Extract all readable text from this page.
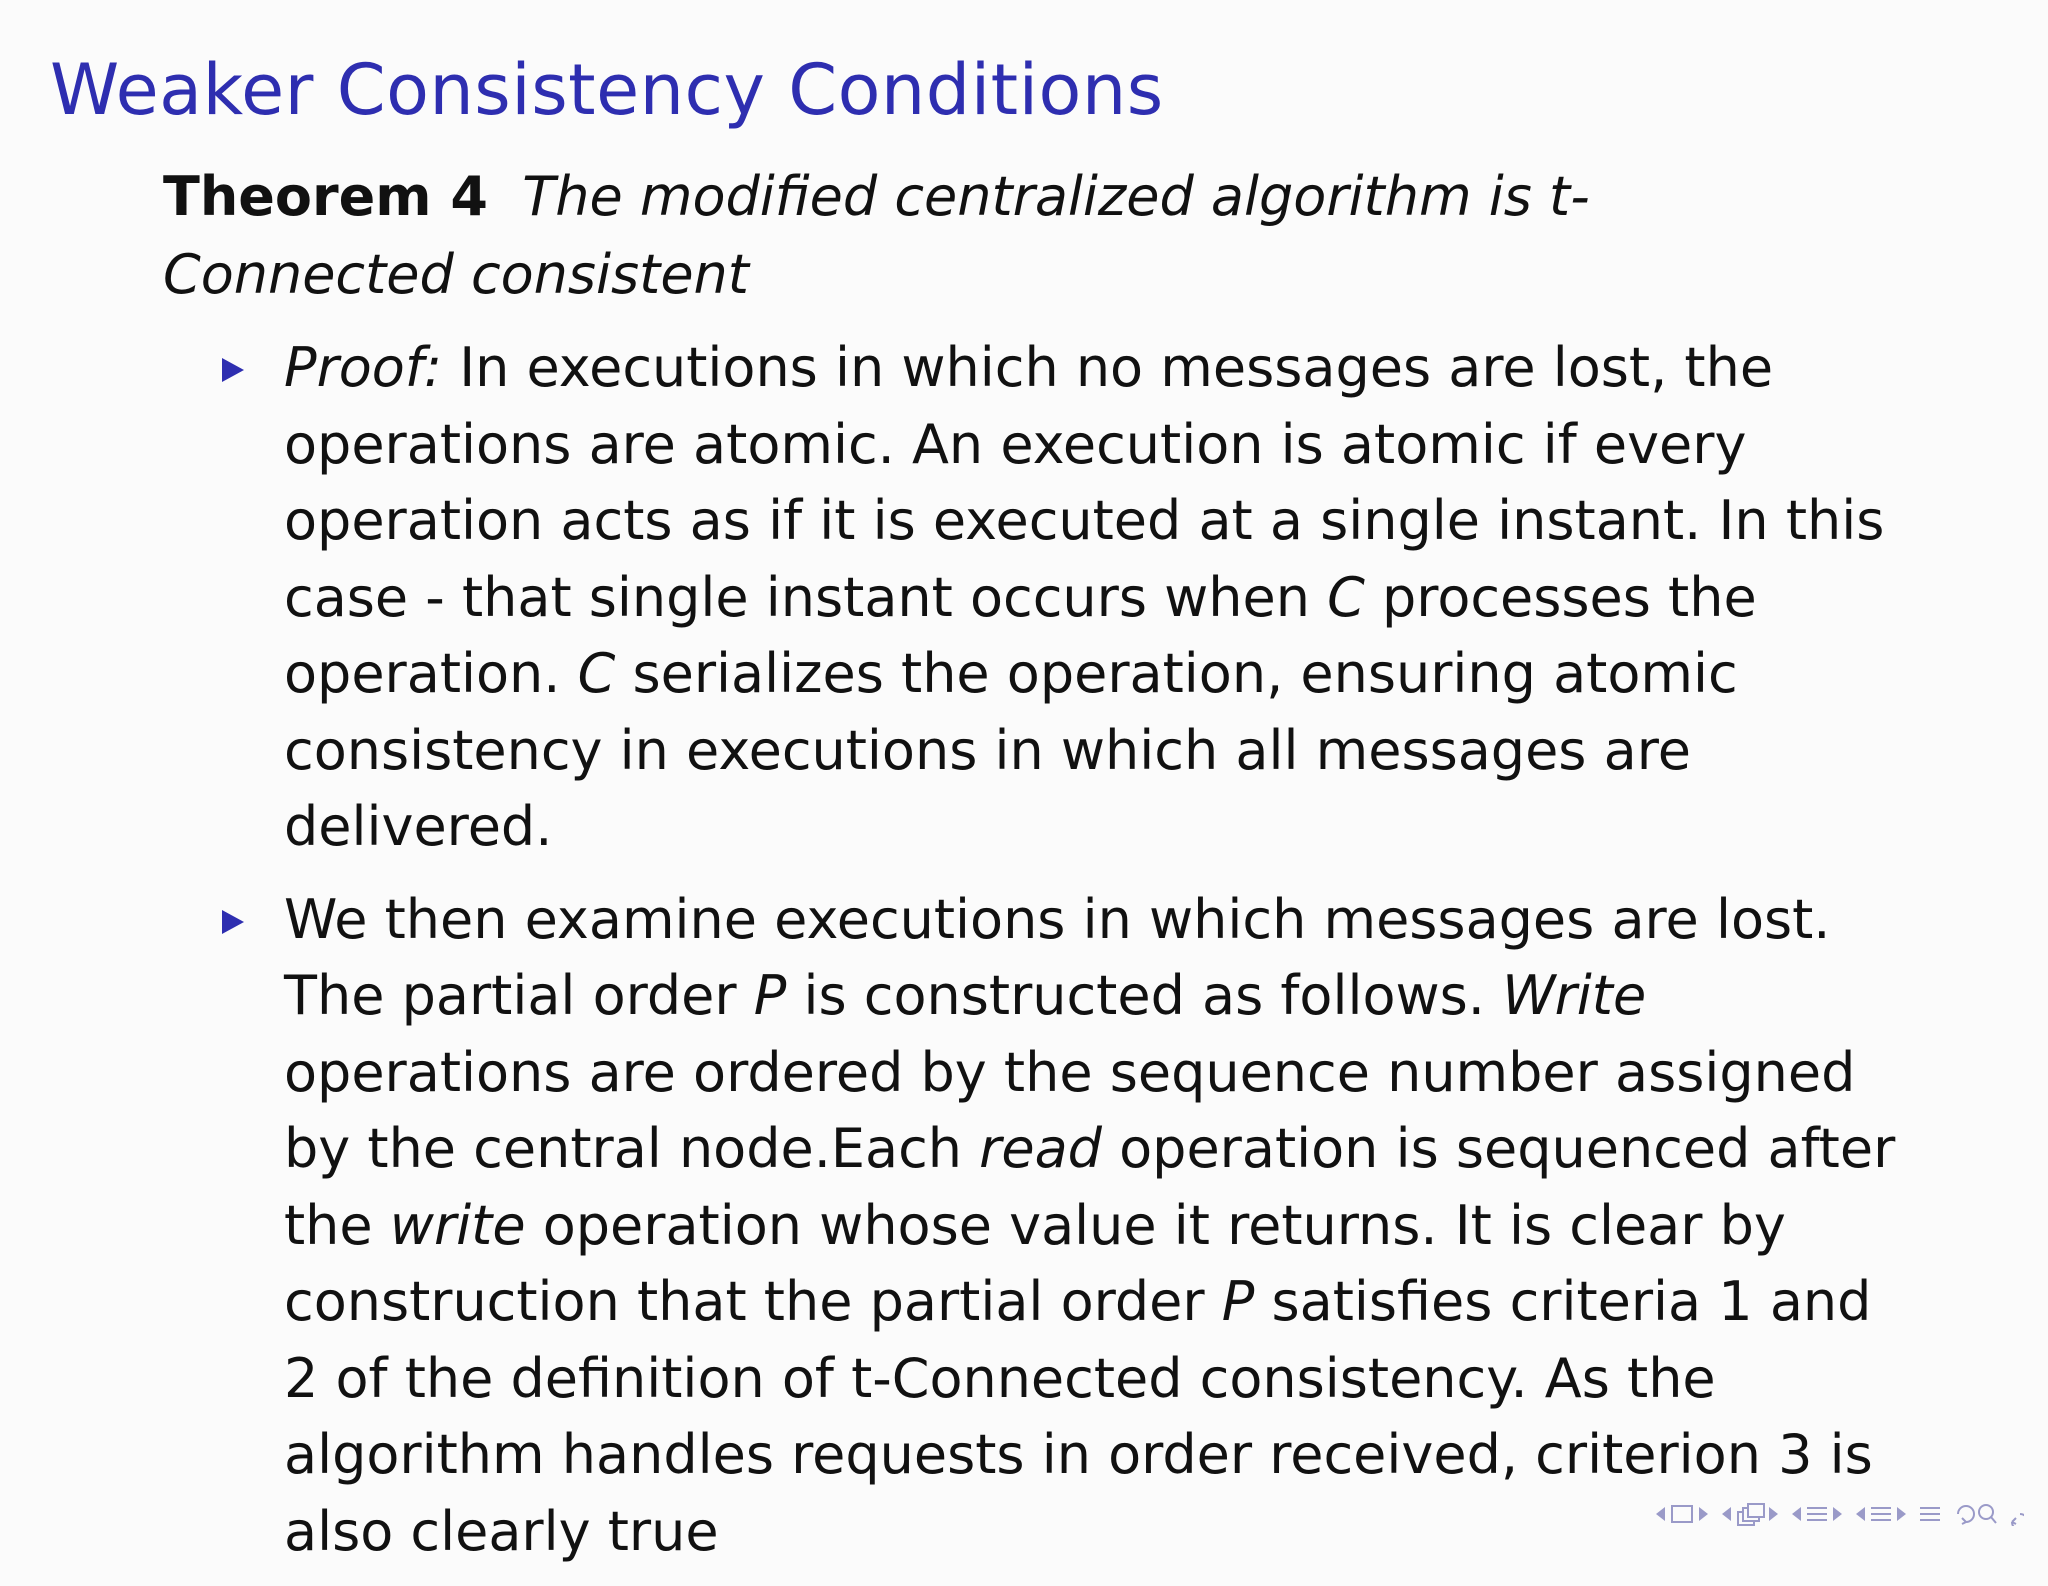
Weaker Consistency Conditions
Theorem 4 The modified centralized algorithm is t-Connected consistent
Proof: In executions in which no messages are lost, the operations are atomic. An execution is atomic if every operation acts as if it is executed at a single instant. In this case - that single instant occurs when C processes the operation. C serializes the operation, ensuring atomic consistency in executions in which all messages are delivered.
We then examine executions in which messages are lost. The partial order P is constructed as follows. Write operations are ordered by the sequence number assigned by the central node.Each read operation is sequenced after the write operation whose value it returns. It is clear by construction that the partial order P satisfies criteria 1 and 2 of the definition of t-Connected consistency. As the algorithm handles requests in order received, criterion 3 is also clearly true
